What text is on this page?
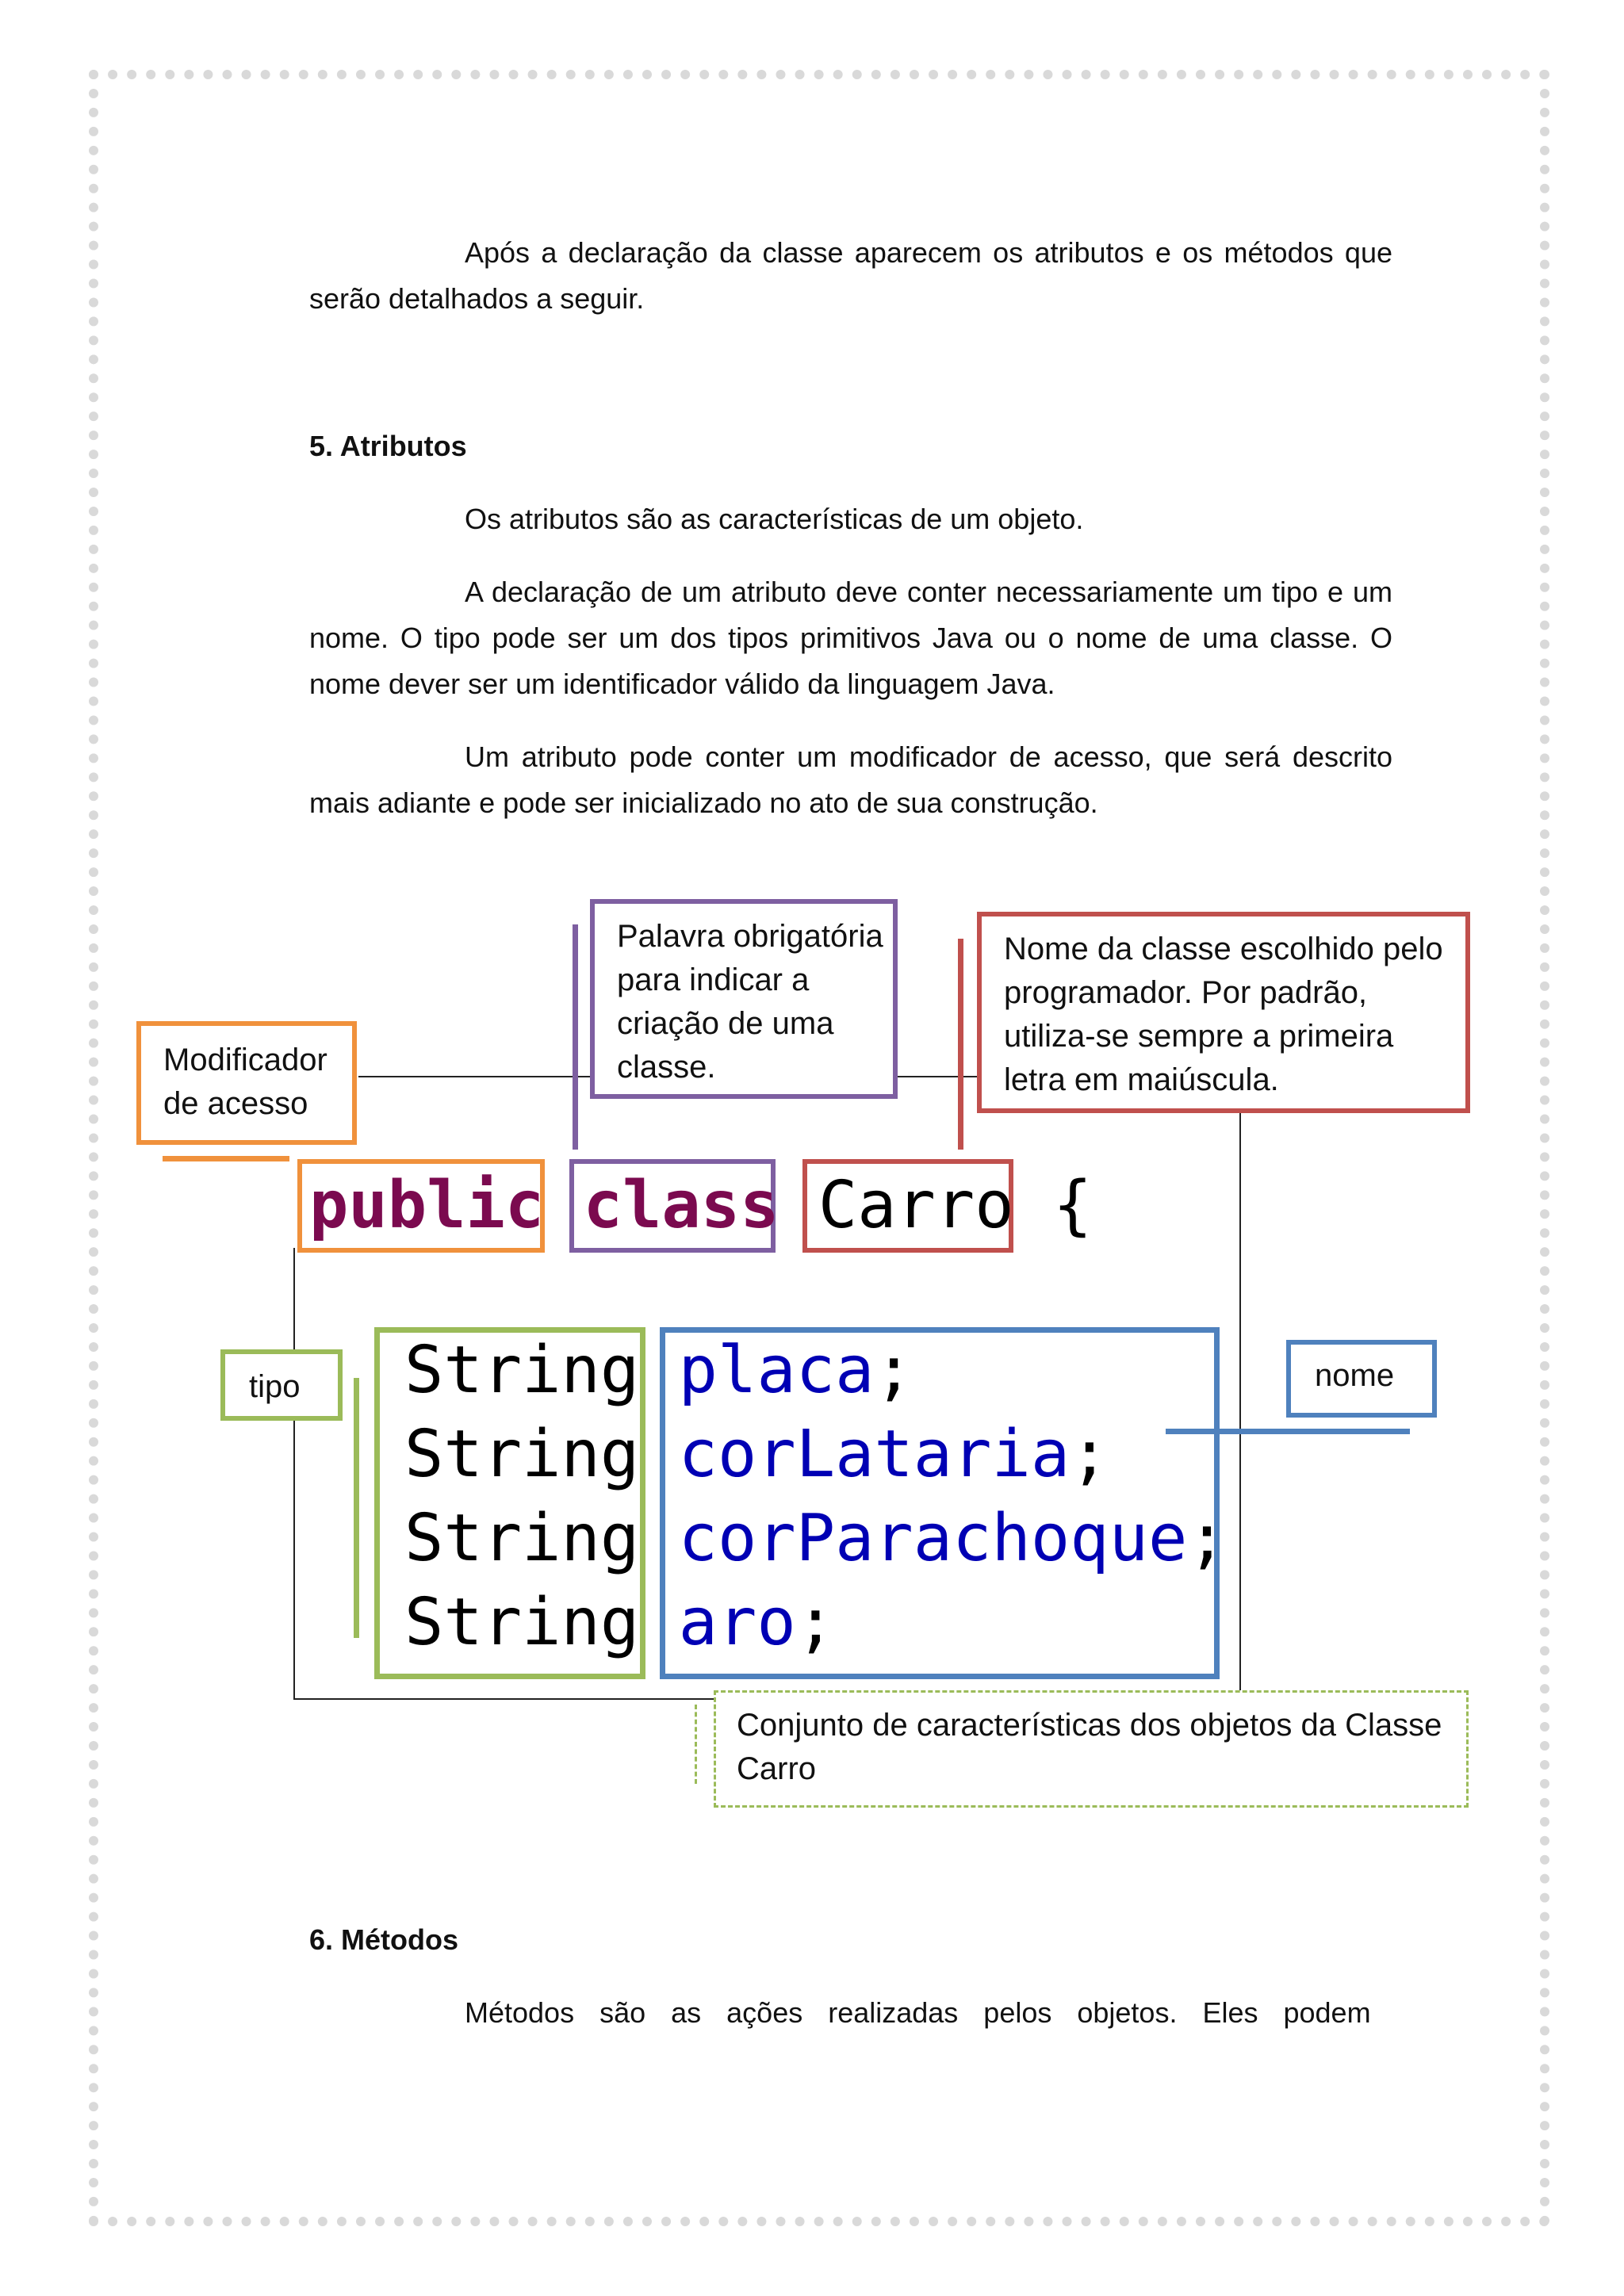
Após a declaração da classe aparecem os atributos e os métodos que serão detalhados a seguir.

5. Atributos

Os atributos são as características de um objeto.

A declaração de um atributo deve conter necessariamente um tipo e um nome. O tipo pode ser um dos tipos primitivos Java ou o nome de uma classe. O nome dever ser um identificador válido da linguagem Java.

Um atributo pode conter um modificador de acesso, que será descrito mais adiante e pode ser inicializado no ato de sua construção.

Modificador de acesso
Palavra obrigatória para indicar a criação de uma classe.
Nome da classe escolhido pelo programador. Por padrão, utiliza-se sempre a primeira letra em maiúscula.
public class Carro {
tipo	nome
String placa;
String corLataria;
String corParachoque;
String aro;
Conjunto de características dos objetos da Classe Carro

6. Métodos

Métodos são as ações realizadas pelos objetos. Eles podem
